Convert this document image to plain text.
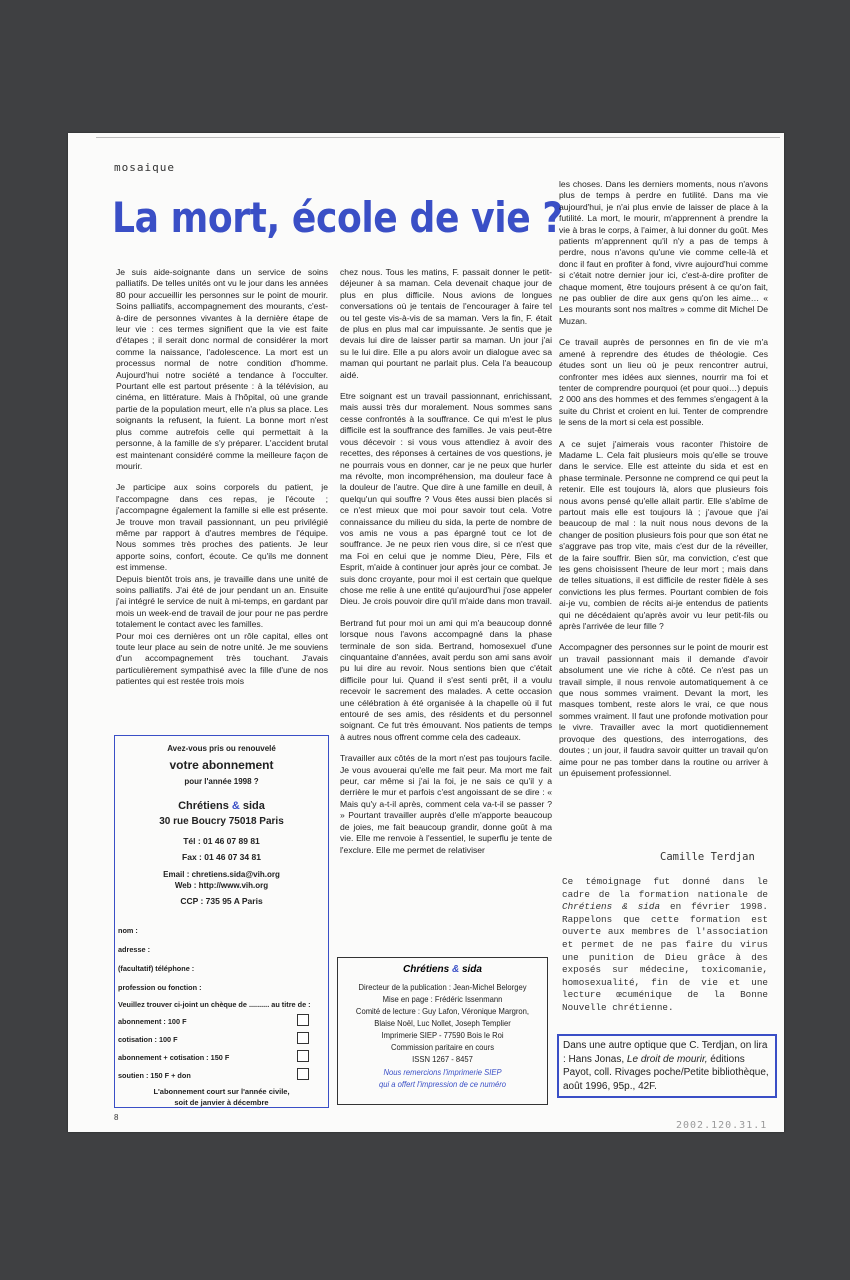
mosaique
La mort, école de vie ?

Je suis aide-soignante dans un service de soins palliatifs. De telles unités ont vu le jour dans les années 80 pour accueillir les personnes sur le point de mourir. Soins palliatifs, accompagnement des mourants, c'est-à-dire de personnes vivantes à la dernière étape de leur vie : ces termes signifient que la vie est faite d'étapes ; il serait donc normal de considérer la mort comme la naissance, l'adolescence. La mort est un processus normal de notre condition d'homme. Aujourd'hui notre société a tendance à l'occulter. Pourtant elle est partout présente : à la télévision, au cinéma, en littérature. Mais à l'hôpital, où une grande partie de la population meurt, elle n'a plus sa place. Les soignants la refusent, la fuient. La bonne mort n'est plus comme autrefois celle qui permettait à la personne, à la famille de s'y préparer. L'accident brutal est maintenant considéré comme la meilleure façon de mourir.

Je participe aux soins corporels du patient, je l'accompagne dans ces repas, je l'écoute ; j'accompagne également la famille si elle est présente. Je trouve mon travail passionnant, un peu privilégié même par rapport à d'autres membres de l'équipe. Nous sommes très proches des patients. Je leur apporte soins, confort, écoute. Ce qu'ils me donnent est immense.

Depuis bientôt trois ans, je travaille dans une unité de soins palliatifs. J'ai été de jour pendant un an. Ensuite j'ai intégré le service de nuit à mi-temps, en gardant par mois un week-end de travail de jour pour ne pas perdre totalement le contact avec les familles.

Pour moi ces dernières ont un rôle capital, elles ont toute leur place au sein de notre unité. Je me souviens d'un accompagnement très touchant. J'avais particulièrement sympathisé avec la fille d'une de nos patientes qui est restée trois mois

chez nous. Tous les matins, F. passait donner le petit-déjeuner à sa maman. Cela devenait chaque jour de plus en plus difficile. Nous avions de longues conversations où je tentais de l'encourager à faire tel ou tel geste vis-à-vis de sa maman. Vers la fin, F. était de plus en plus mal car impuissante. Je sentis que je devais lui dire de laisser partir sa maman. Un jour j'ai su le lui dire. Elle a pu alors avoir un dialogue avec sa maman qui pourtant ne parlait plus. Cela l'a beaucoup aidé.

Etre soignant est un travail passionnant, enrichissant, mais aussi très dur moralement. Nous sommes sans cesse confrontés à la souffrance. Ce qui m'est le plus difficile est la souffrance des familles. Je vais peut-être vous décevoir : si vous vous attendiez à avoir des recettes, des réponses à certaines de vos questions, je ne pourrais vous en donner, car je ne peux que hurler ma révolte, mon incompréhension, ma douleur face à la douleur de l'autre. Que dire à une famille en deuil, à quelqu'un qui souffre ? Vous êtes aussi bien placés si ce n'est mieux que moi pour savoir tout cela. Votre connaissance du milieu du sida, la perte de nombre de vos amis ne vous a pas épargné tout ce lot de souffrance. Je ne peux rien vous dire, si ce n'est que ma Foi en celui que je nomme Dieu, Père, Fils et Esprit, m'aide à continuer jour après jour ce combat. Je suis donc croyante, pour moi il est certain que quelque chose me relie à une entité qu'aujourd'hui j'ose appeler Dieu. Je crois pouvoir dire qu'il m'aide dans mon travail.

Bertrand fut pour moi un ami qui m'a beaucoup donné lorsque nous l'avons accompagné dans la phase terminale de son sida. Bertrand, homosexuel d'une cinquantaine d'années, avait perdu son ami sans avoir pu lui dire au revoir. Nous sentions bien que c'était difficile pour lui. Quand il s'est senti prêt, il a voulu recevoir le sacrement des malades. A cette occasion une célébration à été organisée à la chapelle où il fut entouré de ses amis, des résidents et du personnel soignant. Ce fut très émouvant. Nos patients de temps à autres nous offrent comme cela des cadeaux.

Travailler aux côtés de la mort n'est pas toujours facile. Je vous avouerai qu'elle me fait peur. Ma mort me fait peur, car même si j'ai la foi, je ne sais ce qu'il y a derrière le mur et parfois c'est angoissant de se dire : « Mais qu'y a-t-il après, comment cela va-t-il se passer ? » Pourtant travailler auprès d'elle m'apporte beaucoup de joies, me fait beaucoup grandir, donne goût à ma vie. Elle me renvoie à l'essentiel, le superflu je tente de l'exclure. Elle me permet de relativiser

les choses. Dans les derniers moments, nous n'avons plus de temps à perdre en futilité. Dans ma vie aujourd'hui, je n'ai plus envie de laisser de place à la futilité. La mort, le mourir, m'apprennent à prendre la vie à bras le corps, à l'aimer, à lui donner du goût. Mes patients m'apprennent qu'il n'y a pas de temps à perdre, nous n'avons qu'une vie comme celle-là et donc il faut en profiter à fond, vivre aujourd'hui comme si c'était notre dernier jour ici, c'est-à-dire profiter de chaque moment, être toujours présent à ce qu'on fait, ne pas oublier de dire aux gens qu'on les aime… « Les mourants sont nos maîtres » comme dit Michel De Muzan.

Ce travail auprès de personnes en fin de vie m'a amené à reprendre des études de théologie. Ces études sont un lieu où je peux rencontrer autrui, confronter mes idées aux siennes, nourrir ma foi et tenter de comprendre pourquoi (et pour quoi…) depuis 2 000 ans des hommes et des femmes s'engagent à la suite du Christ et croient en lui. Tenter de comprendre le sens de la mort si cela est possible.

A ce sujet j'aimerais vous raconter l'histoire de Madame L. Cela fait plusieurs mois qu'elle se trouve dans le service. Elle est atteinte du sida et est en phase terminale. Personne ne comprend ce qui peut la retenir. Elle est toujours là, alors que plusieurs fois nous avons pensé qu'elle allait partir. Elle s'abîme de partout mais elle est toujours là ; j'avoue que j'ai beaucoup de mal : la nuit nous nous devons de la changer de position plusieurs fois pour que son état ne s'aggrave pas trop vite, mais c'est dur de la réveiller, de la faire souffrir. Bien sûr, ma conviction, c'est que les gens choisissent l'heure de leur mort ; mais dans de telles situations, il est difficile de rester fidèle à ses convictions les plus fermes. Pourtant combien de fois ai-je vu, combien de récits ai-je entendus de patients qui ne décédaient qu'après avoir vu leur petit-fils ou après l'arrivée de leur fille ?

Accompagner des personnes sur le point de mourir est un travail passionnant mais il demande d'avoir absolument une vie riche à côté. Ce n'est pas un travail simple, il nous renvoie automatiquement à ce que nous sommes vraiment. Devant la mort, les masques tombent, reste alors le vrai, ce que nous sommes vraiment. Il faut une profonde motivation pour le vivre. Travailler avec la mort quotidiennement provoque des questions, des interrogations, des doutes ; un jour, il faudra savoir quitter un travail qu'on aime pour ne pas tomber dans la routine ou arriver à un épuisement professionnel.

Camille Terdjan
Ce témoignage fut donné dans le cadre de la formation nationale de Chrétiens & sida en février 1998. Rappelons que cette formation est ouverte aux membres de l'association et permet de ne pas faire du virus une punition de Dieu grâce à des exposés sur médecine, toxicomanie, homosexualité, fin de vie et une lecture œcuménique de la Bonne Nouvelle chrétienne.
Dans une autre optique que C. Terdjan, on lira : Hans Jonas, Le droit de mourir, éditions Payot, coll. Rivages poche/Petite bibliothèque, août 1996, 95p., 42F.
Avez-vous pris ou renouvelé
votre abonnement
pour l'année 1998 ?
Chrétiens & sida
30 rue Boucry 75018 Paris
Tél : 01 46 07 89 81
Fax : 01 46 07 34 81
Email : chretiens.sida@vih.org
Web : http://www.vih.org
CCP : 735 95 A Paris
nom :
adresse :
(facultatif) téléphone :
profession ou fonction :
Veuillez trouver ci-joint un chèque de .......... au titre de :
abonnement : 100 F
cotisation : 100 F
abonnement + cotisation : 150 F
soutien : 150 F + don
L'abonnement court sur l'année civile,
soit de janvier à décembre
Chrétiens & sida
Directeur de la publication : Jean-Michel Belorgey
Mise en page : Frédéric Issenmann
Comité de lecture : Guy Lafon, Véronique Margron,
Blaise Noël, Luc Nollet, Joseph Templier
Imprimerie SIEP - 77590 Bois le Roi
Commission paritaire en cours
ISSN 1267 - 8457
Nous remercions l'imprimerie SIEP
qui a offert l'impression de ce numéro
8
2002.120.31.1
